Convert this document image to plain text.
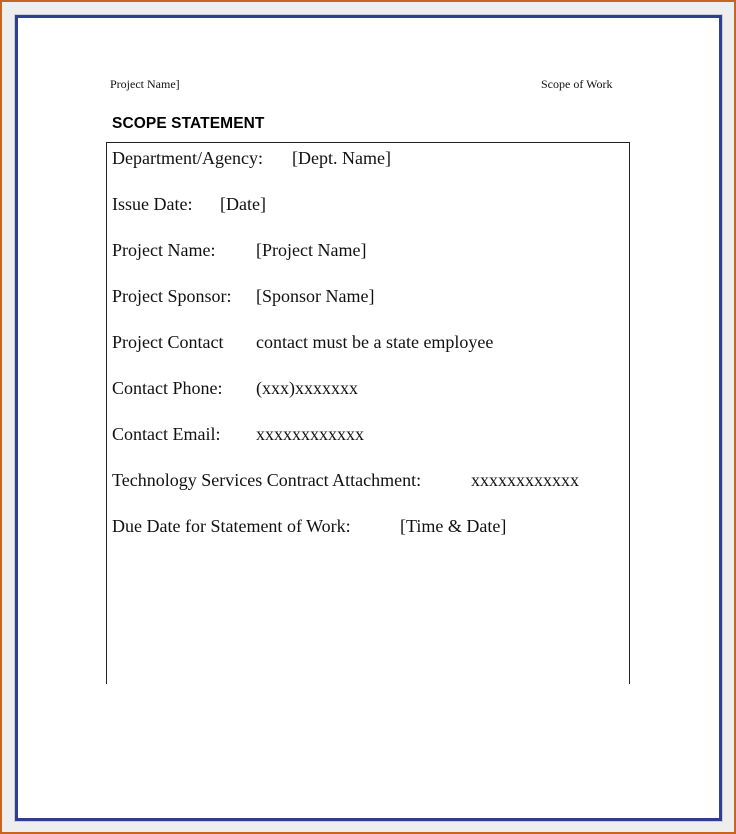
Project Name]	Scope of Work
SCOPE STATEMENT
Department/Agency: [Dept. Name]
Issue Date: [Date]
Project Name: [Project Name]
Project Sponsor: [Sponsor Name]
Project Contact contact must be a state employee
Contact Phone: (xxx)xxxxxxx
Contact Email: xxxxxxxxxxxx
Technology Services Contract Attachment:	xxxxxxxxxxxx
Due Date for Statement of Work:	[Time & Date]
